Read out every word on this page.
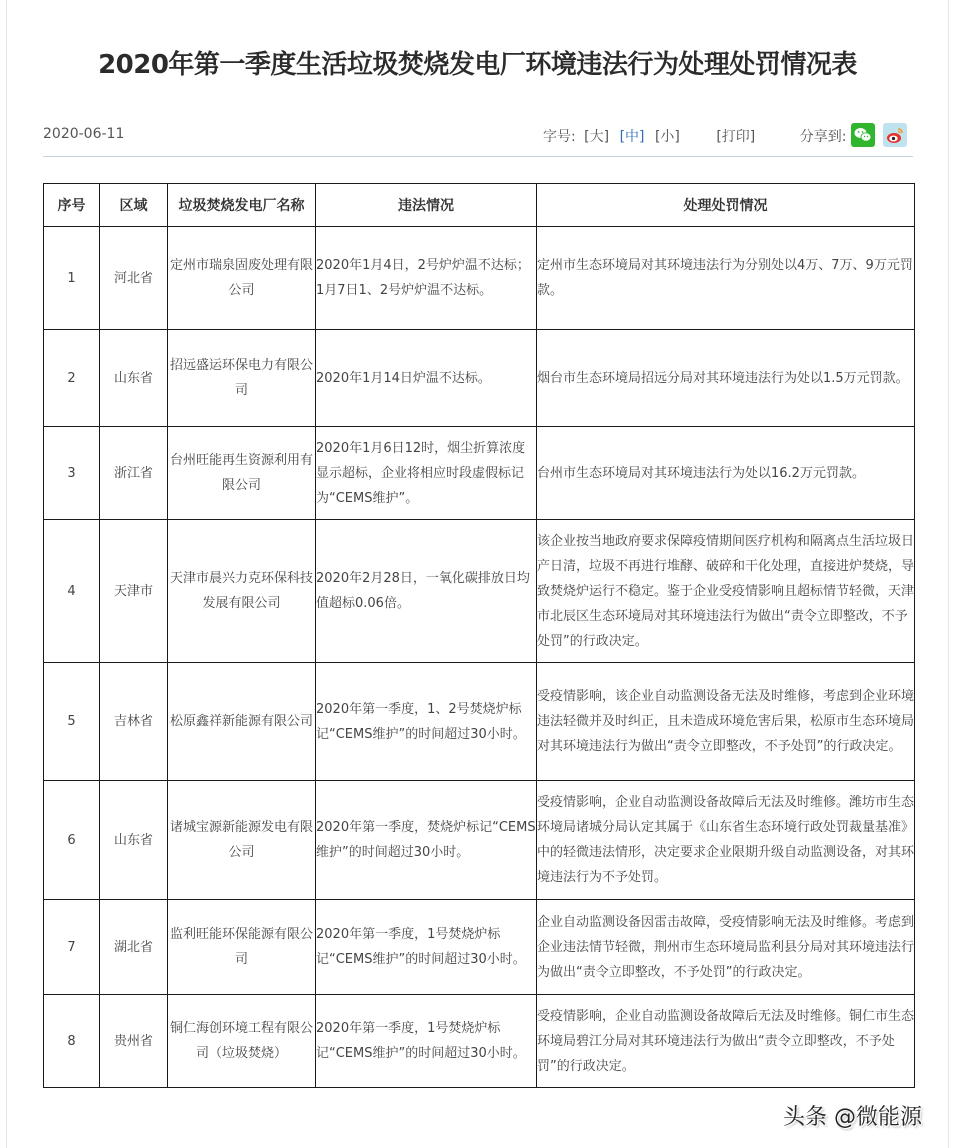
2020年第一季度生活垃圾焚烧发电厂环境违法行为处理处罚情况表
2020-06-11	字号: [大] [中] [小]	[打印]	分享到:
序号	区域	垃圾焚烧发电厂名称	违法情况	处理处罚情况
1	河北省	定州市瑞泉固废处理有限公司	2020年1月4日，2号炉炉温不达标；1月7日1、2号炉炉温不达标。	定州市生态环境局对其环境违法行为分别处以4万、7万、9万元罚款。
2	山东省	招远盛运环保电力有限公司	2020年1月14日炉温不达标。	烟台市生态环境局招远分局对其环境违法行为处以1.5万元罚款。
3	浙江省	台州旺能再生资源利用有限公司	2020年1月6日12时，烟尘折算浓度显示超标，企业将相应时段虚假标记为“CEMS维护”。	台州市生态环境局对其环境违法行为处以16.2万元罚款。
4	天津市	天津市晨兴力克环保科技发展有限公司	2020年2月28日，一氧化碳排放日均值超标0.06倍。	该企业按当地政府要求保障疫情期间医疗机构和隔离点生活垃圾日产日清，垃圾不再进行堆酵、破碎和干化处理，直接进炉焚烧，导致焚烧炉运行不稳定。鉴于企业受疫情影响且超标情节轻微，天津市北辰区生态环境局对其环境违法行为做出“责令立即整改，不予处罚”的行政决定。
5	吉林省	松原鑫祥新能源有限公司	2020年第一季度，1、2号焚烧炉标记“CEMS维护”的时间超过30小时。	受疫情影响，该企业自动监测设备无法及时维修，考虑到企业环境违法轻微并及时纠正，且未造成环境危害后果，松原市生态环境局对其环境违法行为做出“责令立即整改，不予处罚”的行政决定。
6	山东省	诸城宝源新能源发电有限公司	2020年第一季度，焚烧炉标记“CEMS维护”的时间超过30小时。	受疫情影响，企业自动监测设备故障后无法及时维修。潍坊市生态环境局诸城分局认定其属于《山东省生态环境行政处罚裁量基准》中的轻微违法情形，决定要求企业限期升级自动监测设备，对其环境违法行为不予处罚。
7	湖北省	监利旺能环保能源有限公司	2020年第一季度，1号焚烧炉标记“CEMS维护”的时间超过30小时。	企业自动监测设备因雷击故障，受疫情影响无法及时维修。考虑到企业违法情节轻微，荆州市生态环境局监利县分局对其环境违法行为做出“责令立即整改，不予处罚”的行政决定。
8	贵州省	铜仁海创环境工程有限公司（垃圾焚烧）	2020年第一季度，1号焚烧炉标记“CEMS维护”的时间超过30小时。	受疫情影响，企业自动监测设备故障后无法及时维修。铜仁市生态环境局碧江分局对其环境违法行为做出“责令立即整改，不予处罚”的行政决定。
头条 @微能源
